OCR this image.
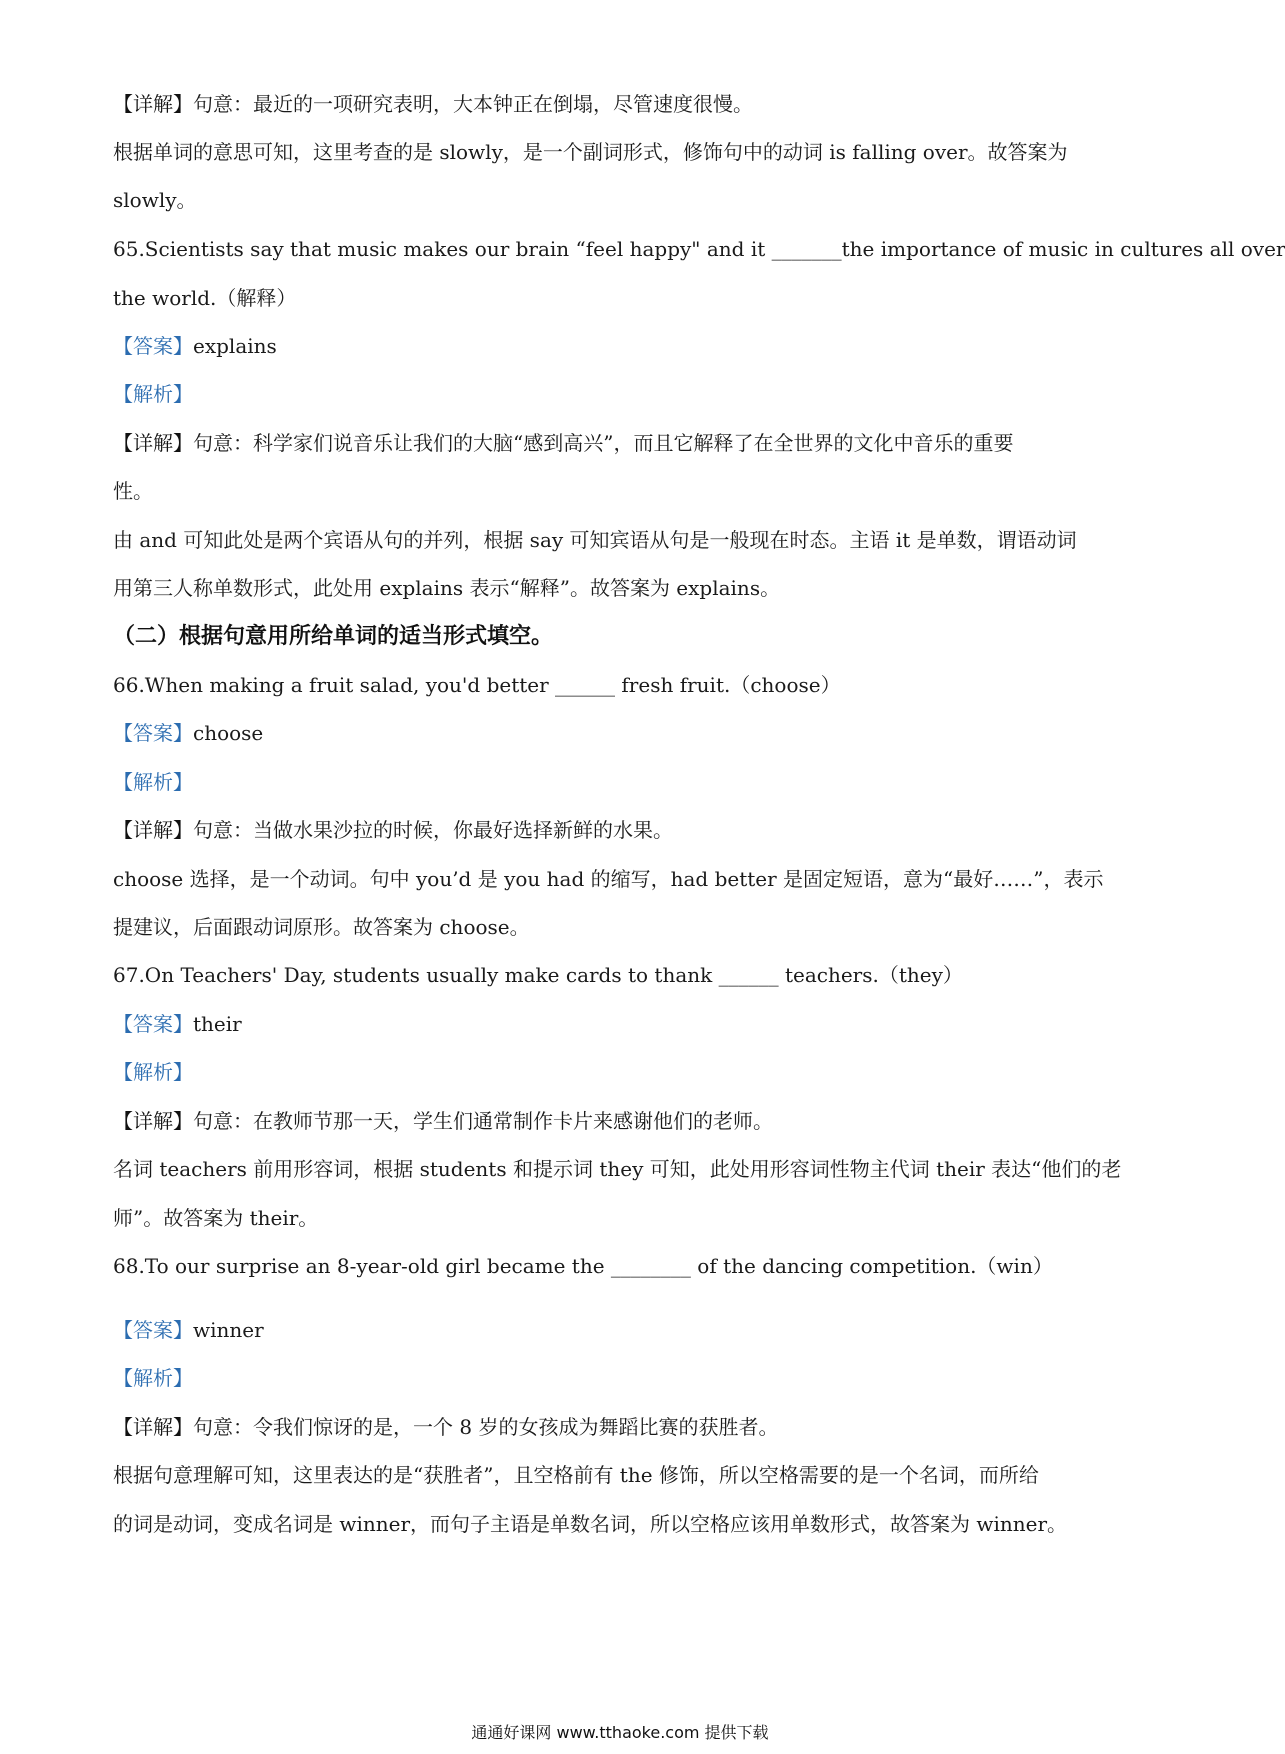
【详解】句意：最近的一项研究表明，大本钟正在倒塌，尽管速度很慢。
根据单词的意思可知，这里考查的是 slowly，是一个副词形式，修饰句中的动词 is falling over。故答案为
slowly。
65.Scientists say that music makes our brain “feel happy" and it _______the importance of music in cultures all over
the world.（解释）
【答案】explains
【解析】
【详解】句意：科学家们说音乐让我们的大脑“感到高兴”，而且它解释了在全世界的文化中音乐的重要
性。
由 and 可知此处是两个宾语从句的并列，根据 say 可知宾语从句是一般现在时态。主语 it 是单数，谓语动词
用第三人称单数形式，此处用 explains 表示“解释”。故答案为 explains。
（二）根据句意用所给单词的适当形式填空。
66.When making a fruit salad, you'd better ______ fresh fruit.（choose）
【答案】choose
【解析】
【详解】句意：当做水果沙拉的时候，你最好选择新鲜的水果。
choose 选择，是一个动词。句中 you’d 是 you had 的缩写，had better 是固定短语，意为“最好……”，表示
提建议，后面跟动词原形。故答案为 choose。
67.On Teachers' Day, students usually make cards to thank ______ teachers.（they）
【答案】their
【解析】
【详解】句意：在教师节那一天，学生们通常制作卡片来感谢他们的老师。
名词 teachers 前用形容词，根据 students 和提示词 they 可知，此处用形容词性物主代词 their 表达“他们的老
师”。故答案为 their。
68.To our surprise an 8-year-old girl became the ________ of the dancing competition.（win）
【答案】winner
【解析】
【详解】句意：令我们惊讶的是，一个 8 岁的女孩成为舞蹈比赛的获胜者。
根据句意理解可知，这里表达的是“获胜者”，且空格前有 the 修饰，所以空格需要的是一个名词，而所给
的词是动词，变成名词是 winner，而句子主语是单数名词，所以空格应该用单数形式，故答案为 winner。
通通好课网 www.tthaoke.com 提供下载
